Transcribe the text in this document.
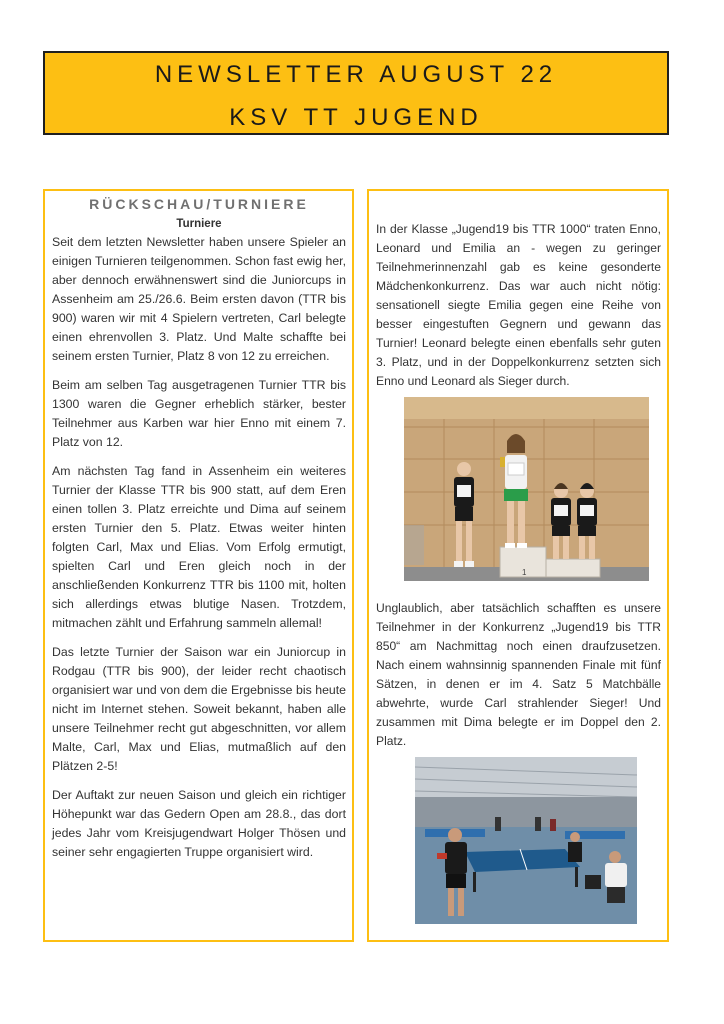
NEWSLETTER AUGUST 22
KSV TT JUGEND
RÜCKSCHAU/TURNIERE
Turniere

Seit dem letzten Newsletter haben unsere Spieler an einigen Turnieren teilgenommen. Schon fast ewig her, aber dennoch erwähnenswert sind die Juniorcups in Assenheim am 25./26.6. Beim ersten davon (TTR bis 900) waren wir mit 4 Spielern vertreten, Carl belegte einen ehrenvollen 3. Platz. Und Malte schaffte bei seinem ersten Turnier, Platz 8 von 12 zu erreichen.

Beim am selben Tag ausgetragenen Turnier TTR bis 1300 waren die Gegner erheblich stärker, bester Teilnehmer aus Karben war hier Enno mit einem 7. Platz von 12.

Am nächsten Tag fand in Assenheim ein weiteres Turnier der Klasse TTR bis 900 statt, auf dem Eren einen tollen 3. Platz erreichte und Dima auf seinem ersten Turnier den 5. Platz. Etwas weiter hinten folgten Carl, Max und Elias. Vom Erfolg ermutigt, spielten Carl und Eren gleich noch in der anschließenden Konkurrenz TTR bis 1100 mit, holten sich allerdings etwas blutige Nasen. Trotzdem, mitmachen zählt und Erfahrung sammeln allemal!

Das letzte Turnier der Saison war ein Juniorcup in Rodgau (TTR bis 900), der leider recht chaotisch organisiert war und von dem die Ergebnisse bis heute nicht im Internet stehen. Soweit bekannt, haben alle unsere Teilnehmer recht gut abgeschnitten, vor allem Malte, Carl, Max und Elias, mutmaßlich auf den Plätzen 2-5!

Der Auftakt zur neuen Saison und gleich ein richtiger Höhepunkt war das Gedern Open am 28.8., das dort jedes Jahr vom Kreisjugendwart Holger Thösen und seiner sehr engagierten Truppe organisiert wird.

In der Klasse „Jugend19 bis TTR 1000“ traten Enno, Leonard und Emilia an - wegen zu geringer Teilnehmerinnenzahl gab es keine gesonderte Mädchenkonkurrenz. Das war auch nicht nötig: sensationell siegte Emilia gegen eine Reihe von besser eingestuften Gegnern und gewann das Turnier! Leonard belegte einen ebenfalls sehr guten 3. Platz, und in der Doppelkonkurrenz setzten sich Enno und Leonard als Sieger durch.

1

Unglaublich, aber tatsächlich schafften es unsere Teilnehmer in der Konkurrenz „Jugend19 bis TTR 850“ am Nachmittag noch einen draufzusetzen. Nach einem wahnsinnig spannenden Finale mit fünf Sätzen, in denen er im 4. Satz 5 Matchbälle abwehrte, wurde Carl strahlender Sieger! Und zusammen mit Dima belegte er im Doppel den 2. Platz.
